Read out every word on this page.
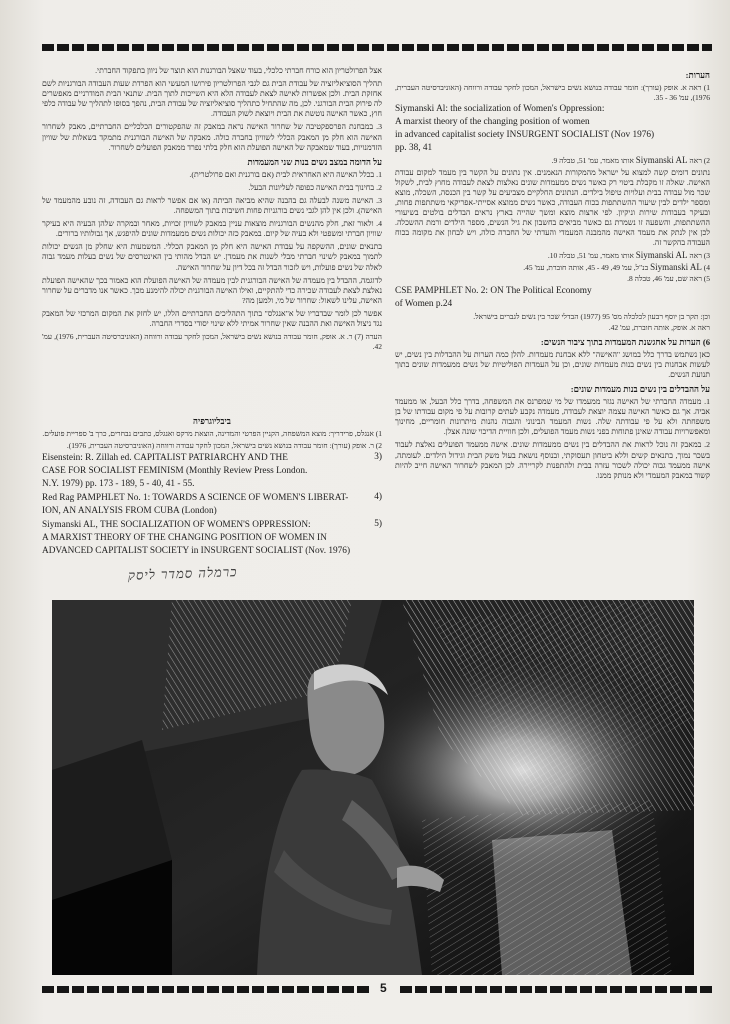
הערות:

1) ראה א. אופק (עורך): חומר עבודה בנושא נשים בישראל, המכון לחקר עבודה ורווחה (האוניברסיטה העברית, 1976), עמ' 36 - 35.

Siymanski Al: the socialization of Women's Oppression:

A marxist theory of the changing position of women

in advanced capitalist society INSURGENT SOCIALIST (Nov 1976)

pp. 38, 41

2) ראה Siymanski AL אותו מאמר, עמ' 51, טבלה 9.

נתונים דומים קשה למצוא על ישראל מהמקורות הנאמנים. אין נתונים על הקשר בין מעמד למקום עבודת האישה. שאלה זו מקבלת ביטוי רק כאשר נשים ממעמדות שונים נאלצות לצאת לעבודה מחוץ לבית, לשקול שכר מול עבודה בבית ועלויות טיפול בילדים. הנתונים החלקיים מצביעים על קשר בין הכנסה, השכלה, מוצא ומספר ילדים לבין שיעור ההשתתפות בכוח העבודה, כאשר נשים ממוצא אסייתי-אפריקאי משתתפות פחות, ובעיקר בעבודות שירות וניקיון. לפי ארצות מוצא ומשך שהייה בארץ נראים הבדלים בולטים בשיעורי ההשתתפות, והשפעה זו נשמרת גם כאשר מביאים בחשבון את גיל הנשים, מספר הילדים ורמת ההשכלה. לכן אין לנתק את מעמד האישה מהמבנה המעמדי והעדתי של החברה כולה, ויש לבחון את מקומה בכוח העבודה בהקשר זה.

3) ראה Siymanski AL אותו מאמר, עמ' 51, טבלה 10.

4) Siymanski AL בנ"ל, עמ' 49, 49 - 45, אותה חוברת, עמ' 45.

5) ראה שם, עמ' 46, טבלה 8.

CSE PAMPHLET No. 2: ON The Political Economy

of Women p.24

וכן: תקר בן יוסף רבעון לכלכלה מס' 95 (1977) הבדלי שכר בין נשים לגברים בישראל.

ראה א. אופק, אותה חוברת, עמ' 42.

6) הערות על אחגשנת המעמדות בתוך ציבור הנשים:

כאן נשתמש בדרך כלל במושג "האישה" ללא אבחנת מעמדות. להלן כמה הערות על ההבדלות בין נשים, יש לעשות אבחנות בין נשים בנות מעמדות שונים, וכן על העמדות הפוליטיות של נשים ממעמדות שונים בתוך תנועת הנשים.

על ההבדלים בין נשים בנות מעמדות שונים:

1. מעמדה החברתי של האישה נגזר ממעמדו של מי שמפרנס את המשפחה, בדרך כלל הבעל, או ממעמד אביה. אך גם כאשר האישה עצמה יוצאת לעבודה, מעמדה נקבע לעתים קרובות על פי מקום עבודתו של בן משפחתה ולא על פי עבודתה שלה. נשות המעמד הבינוני והגבוה נהנות מיתרונות חומריים, מחינוך ומאפשרויות עבודה שאינן פתוחות בפני נשות מעמד הפועלים, ולכן חוויית הדיכוי שונה אצלן.

2. במאבק זה נוכל לראות את ההבדלים בין נשים ממעמדות שונים. אישה ממעמד הפועלים נאלצת לעבוד בשכר נמוך, בתנאים קשים וללא ביטחון תעסוקתי, ובנוסף נושאת בעול משק הבית וגידול הילדים. לעומתה, אישה ממעמד גבוה יכולה לשכור עזרה בבית ולהתפנות לקריירה. לכן המאבק לשחרור האישה חייב להיות קשור במאבק המעמדי ולא מנותק ממנו.

אצל הפרולטריון הוא כורח חברתי כלכלי, בעוד שאצל הבורגנות הוא תוצר של ניוון בתפקוד החברתי.

תהליך הסוציאליזציה של עבודת הבית גם לגבי הפרולטריון פירושו המעשי הוא הפרדת שעות העבודה הבורגניות לשם אחזקת הבית. ולכן אפשרות לאישה לצאת לעבודה הלא היא השייכות לתוך הבית. שתנאי הבית המודרניים מאפשרים לה פירוק הבית הבורגני. לכן, מה שהתחיל כתהליך סוציאליזציה של עבודת הבית, נהפך בסופו לתהליך של עבודה כלפי חוץ, כאשר האישה נוטשת את הבית ויוצאת לשוק העבודה.

3. במבחנת הפרספקטיבה של שחרור האישה נראה במאבק זה שהפקטורים הכלכליים החברתיים, מאבק לשחרור האישה הוא חלק מן המאבק הכללי לשוויון בחברה כולה. מאבקה של האישה הבורגנית מתמקד בשאלות של שוויון הזדמנויות, בעוד שמאבקה של האישה הפועלת הוא חלק בלתי נפרד ממאבק הפועלים לשחרור.

על הדומה במצב נשים בנות שני המעמדות

1. בכלל האישה היא האחראית לבית (אם בורגנית ואם פרולטרית).

2. בחינוך בבית האישה כפופה לעליונות הבעל.

3. האישה משנה לבעלה גם בהבנה שהיא מביאה הביתה (או אם אפשר לראות גם העבודה, זה נובע מהמעמד של האישה). ולכן אין להן לגבי נשים בורגניות פחות חשיבות בתוך המשפחה.

4. ולאור זאת, חלק מהנשים הבורגניות מוצאות עניין במאבק לשוויון זכויות, מאחר ובמקרה שלהן הבעיה היא בעיקר שוויון חברתי ומשפטי ולא בעיה של קיום. במאבק כזה יכולות נשים ממעמדות שונים להיפגש, אך גבולותיו ברורים.

בתנאים שונים, ההשקפה על עבודת האישה היא חלק מן המאבק הכללי. המשמעות היא שחלק מן הנשים יכולות לתמוך במאבק לשינוי חברתי מבלי לשנות את מעמדן. יש הבדל מהותי בין האינטרסים של נשים בעלות מעמד גבוה לאלה של נשים פועלות, ויש לזכור הבדל זה בכל דיון על שחרור האישה.

לדוגמה, ההבדל בין מעמדה של האישה הבורגנית לבין מעמדה של האישה הפועלת הוא כאמור בכך שהאישה הפועלת נאלצת לצאת לעבודה שכירה כדי להתקיים, ואילו האישה הבורגנית יכולה להימנע מכך. כאשר אנו מדברים על שחרור האישה, עלינו לשאול: שחרור של מי, ולמען מה?

אפשר לכן לומר שבדבריו של א"אנגלס" בתוך התהליכים החברתיים הללו, יש לחזק את המקום המרכזי של המאבק נגד ניצול האישה ואת ההבנה שאין שחרור אמיתי ללא שינוי יסודי בסדרי החברה.

הערה (7) ר. א. אופק, חומר עבודה בנושא נשים בישראל, המכון לחקר עבודה ורווחה (האוניברסיטה העברית, 1976), עמ' 42.

ביבליוגרפיה

1) אנגלס, פרידריך: מוצא המשפחה, הקניין הפרטי והמדינה, הוצאת מרקס ואנגלס, כתבים נבחרים, כרך ב' ספריית פועלים.

2) ר. אופק (עורך): חומר עבודה בנושא נשים בישראל, המכון לחקר עבודה ורווחה (האוניברסיטה העברית, 1976).

3)
Eisenstein: R. Zillah ed. CAPITALIST PATRIARCHY AND THE
CASE FOR SOCIALIST FEMINISM (Monthly Review Press London.
N.Y. 1979) pp. 173 - 189, 5 - 40, 41 - 55.
4)
Red Rag PAMPHLET No. 1: TOWARDS A SCIENCE OF WOMEN'S LIBERAT-
ION, AN ANALYSIS FROM CUBA (London)
5)
Siymanski AL, THE SOCIALIZATION OF WOMEN'S OPPRESSION:
A MARXIST THEORY OF THE CHANGING POSITION OF WOMEN IN
ADVANCED CAPITALIST SOCIETY in INSURGENT SOCIALIST (Nov. 1976)
כרמלה סמדר ליסק
5
